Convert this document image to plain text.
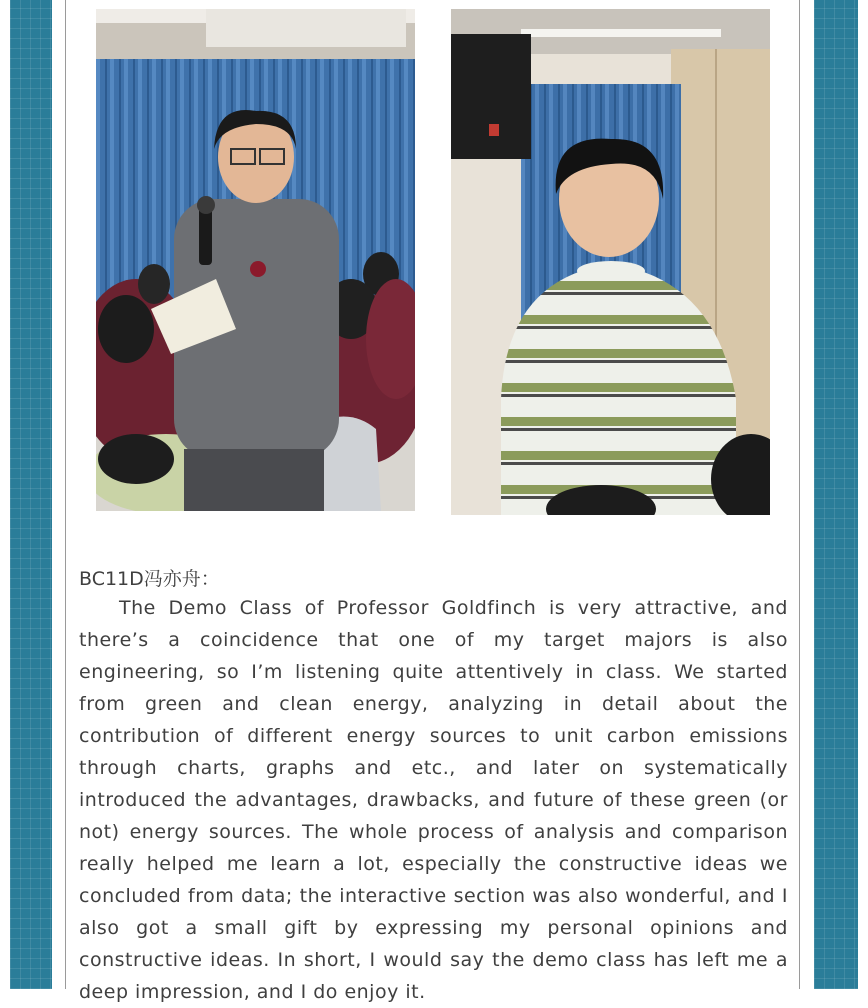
BC11D冯亦舟：

The Demo Class of Professor Goldfinch is very attractive, and there’s a coincidence that one of my target majors is also engineering, so I’m listening quite attentively in class. We started from green and clean energy, analyzing in detail about the contribution of different energy sources to unit carbon emissions through charts, graphs and etc., and later on systematically introduced the advantages, drawbacks, and future of these green (or not) energy sources. The whole process of analysis and comparison really helped me learn a lot, especially the constructive ideas we concluded from data; the interactive section was also wonderful, and I also got a small gift by expressing my personal opinions and constructive ideas. In short, I would say the demo class has left me a deep impression, and I do enjoy it.
